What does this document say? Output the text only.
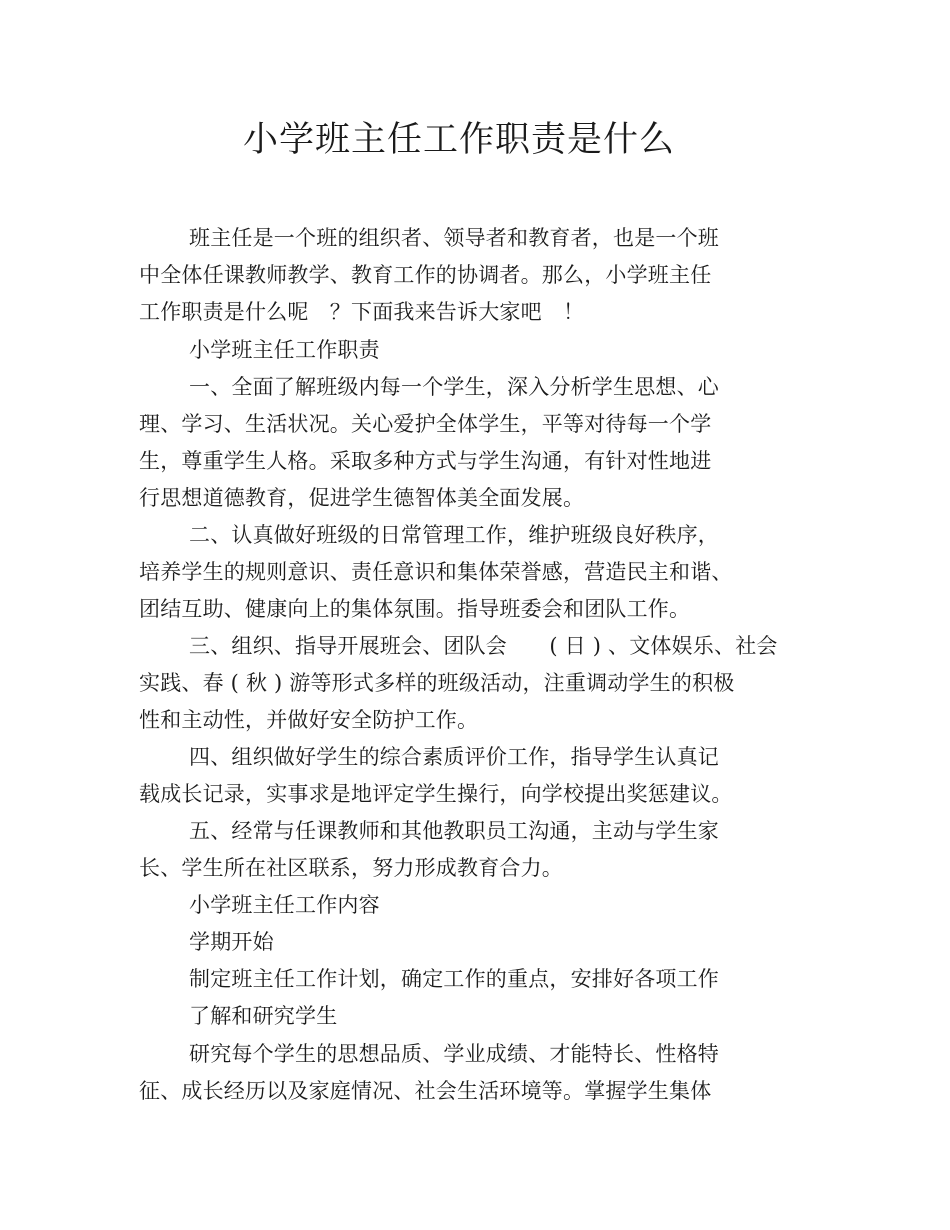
小学班主任工作职责是什么
班主任是一个班的组织者、领导者和教育者，也是一个班
中全体任课教师教学、教育工作的协调者。那么，小学班主任
工作职责是什么呢　？下面我来告诉大家吧　！
小学班主任工作职责
一、全面了解班级内每一个学生，深入分析学生思想、心
理、学习、生活状况。关心爱护全体学生，平等对待每一个学
生，尊重学生人格。采取多种方式与学生沟通，有针对性地进
行思想道德教育，促进学生德智体美全面发展。
二、认真做好班级的日常管理工作，维护班级良好秩序，
培养学生的规则意识、责任意识和集体荣誉感，营造民主和谐、
团结互助、健康向上的集体氛围。指导班委会和团队工作。
三、组织、指导开展班会、团队会　　( 日 ) 、文体娱乐、社会
实践、春 ( 秋 ) 游等形式多样的班级活动，注重调动学生的积极
性和主动性，并做好安全防护工作。
四、组织做好学生的综合素质评价工作，指导学生认真记
载成长记录，实事求是地评定学生操行，向学校提出奖惩建议。
五、经常与任课教师和其他教职员工沟通，主动与学生家
长、学生所在社区联系，努力形成教育合力。
小学班主任工作内容
学期开始
制定班主任工作计划，确定工作的重点，安排好各项工作
了解和研究学生
研究每个学生的思想品质、学业成绩、才能特长、性格特
征、成长经历以及家庭情况、社会生活环境等。掌握学生集体
